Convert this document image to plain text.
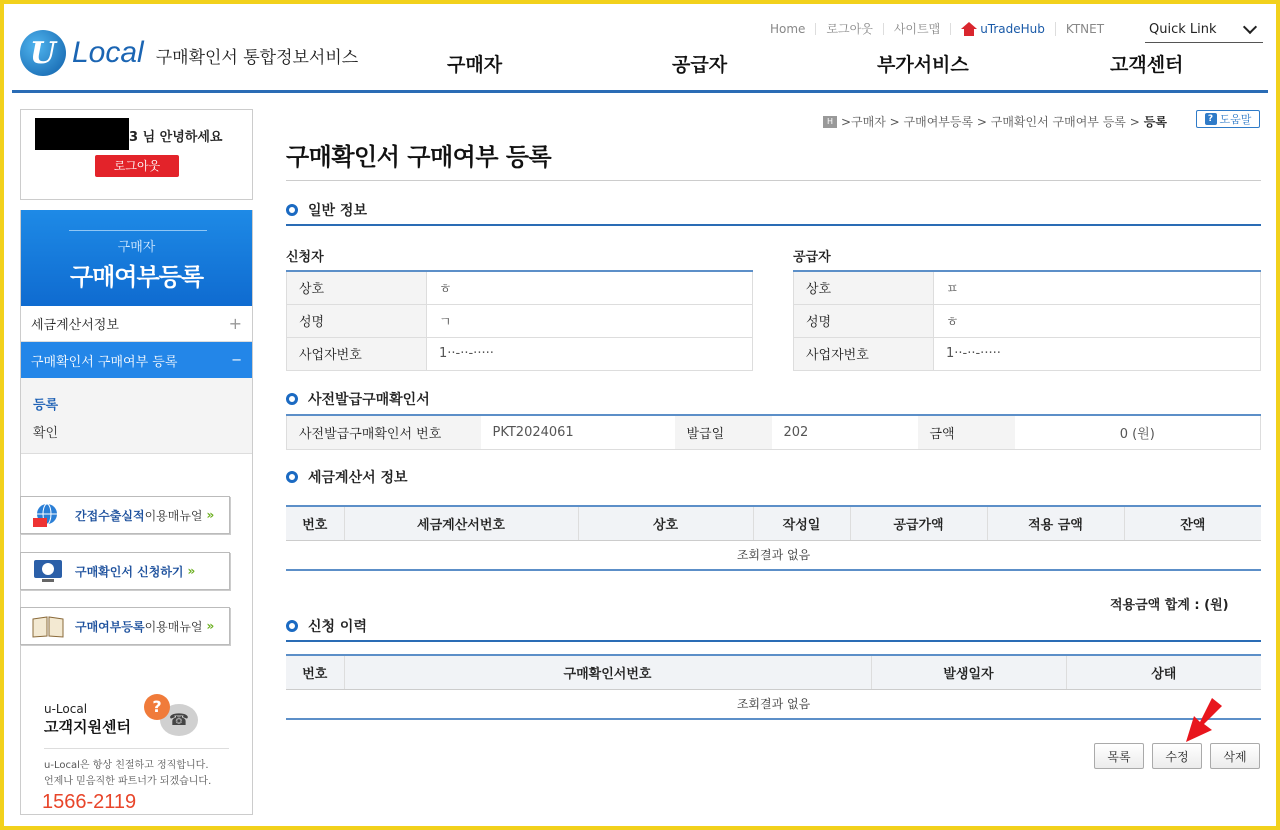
U Local 구매확인서 통합정보서비스
Home	로그아웃	사이트맵	uTradeHub	KTNET	Quick Link
구매자	공급자	부가서비스	고객센터
3 님 안녕하세요
로그아웃
구매자
구매여부등록
세금계산서정보	+
구매확인서 구매여부 등록	−
등록
확인
간접수출실적 이용매뉴얼 »
구매확인서 신청하기 »
구매여부등록 이용매뉴얼 »
u-Local
고객지원센터	☎
?
u-Local은 항상 친절하고 정직합니다.
언제나 믿음직한 파트너가 되겠습니다.
1566-2119
H >구매자 > 구매여부등록 > 구매확인서 구매여부 등록 > 등록	? 도움말
구매확인서 구매여부 등록
일반 정보
신청자	공급자
상호	ㅎ
성명	ㄱ
사업자번호	1··-··-·····
상호	ㅍ
성명	ㅎ
사업자번호	1··-··-·····
사전발급구매확인서
사전발급구매확인서 번호	PKT2024061	발급일	202	금액	0 (원)
세금계산서 정보
번호	세금계산서번호	상호	작성일	공급가액	적용 금액	잔액
조회결과 없음
적용금액 합계 : (원)
신청 이력
번호	구매확인서번호	발생일자	상태
조회결과 없음
목록	수정	삭제
